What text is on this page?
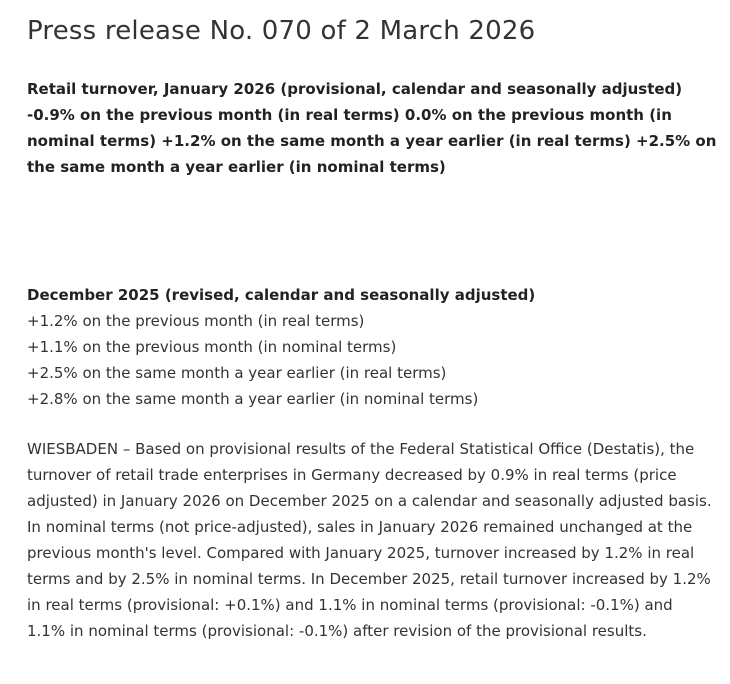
Press release No. 070 of 2 March 2026

Retail turnover, January 2026 (provisional, calendar and seasonally adjusted) -0.9% on the previous month (in real terms) 0.0% on the previous month (in nominal terms) +1.2% on the same month a year earlier (in real terms) +2.5% on the same month a year earlier (in nominal terms)

December 2025 (revised, calendar and seasonally adjusted)
+1.2% on the previous month (in real terms)
+1.1% on the previous month (in nominal terms)
+2.5% on the same month a year earlier (in real terms)
+2.8% on the same month a year earlier (in nominal terms)

WIESBADEN – Based on provisional results of the Federal Statistical Office (Destatis), the turnover of retail trade enterprises in Germany decreased by 0.9% in real terms (price adjusted) in January 2026 on December 2025 on a calendar and seasonally adjusted basis. In nominal terms (not price-adjusted), sales in January 2026 remained unchanged at the previous month's level. Compared with January 2025, turnover increased by 1.2% in real terms and by 2.5% in nominal terms. In December 2025, retail turnover increased by 1.2% in real terms (provisional: +0.1%) and 1.1% in nominal terms (provisional: -0.1%) and 1.1% in nominal terms (provisional: -0.1%) after revision of the provisional results.
